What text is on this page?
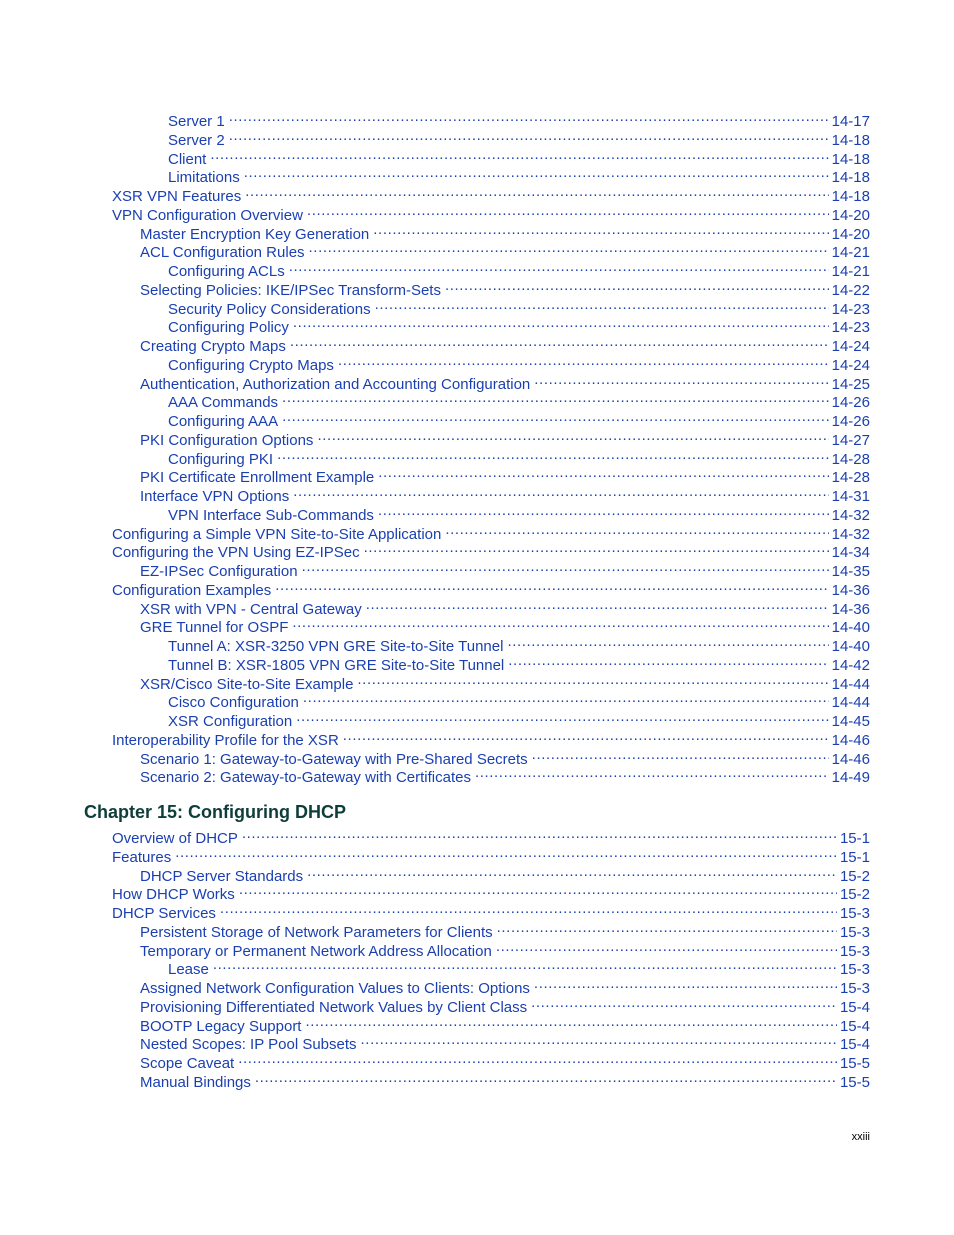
Server 1 .....	14-17
Server 2 .....	14-18
Client .....	14-18
Limitations .....	14-18
XSR VPN Features .....	14-18
VPN Configuration Overview .....	14-20
Master Encryption Key Generation .....	14-20
ACL Configuration Rules .....	14-21
Configuring ACLs .....	14-21
Selecting Policies: IKE/IPSec Transform-Sets .....	14-22
Security Policy Considerations .....	14-23
Configuring Policy .....	14-23
Creating Crypto Maps .....	14-24
Configuring Crypto Maps .....	14-24
Authentication, Authorization and Accounting Configuration .....	14-25
AAA Commands .....	14-26
Configuring AAA .....	14-26
PKI Configuration Options .....	14-27
Configuring PKI .....	14-28
PKI Certificate Enrollment Example .....	14-28
Interface VPN Options .....	14-31
VPN Interface Sub-Commands .....	14-32
Configuring a Simple VPN Site-to-Site Application .....	14-32
Configuring the VPN Using EZ-IPSec .....	14-34
EZ-IPSec Configuration .....	14-35
Configuration Examples .....	14-36
XSR with VPN - Central Gateway .....	14-36
GRE Tunnel for OSPF .....	14-40
Tunnel A: XSR-3250 VPN GRE Site-to-Site Tunnel .....	14-40
Tunnel B: XSR-1805 VPN GRE Site-to-Site Tunnel .....	14-42
XSR/Cisco Site-to-Site Example .....	14-44
Cisco Configuration .....	14-44
XSR Configuration .....	14-45
Interoperability Profile for the XSR .....	14-46
Scenario 1: Gateway-to-Gateway with Pre-Shared Secrets .....	14-46
Scenario 2: Gateway-to-Gateway with Certificates .....	14-49
Chapter 15: Configuring DHCP
Overview of DHCP .....	15-1
Features .....	15-1
DHCP Server Standards .....	15-2
How DHCP Works .....	15-2
DHCP Services .....	15-3
Persistent Storage of Network Parameters for Clients .....	15-3
Temporary or Permanent Network Address Allocation .....	15-3
Lease .....	15-3
Assigned Network Configuration Values to Clients: Options .....	15-3
Provisioning Differentiated Network Values by Client Class .....	15-4
BOOTP Legacy Support .....	15-4
Nested Scopes: IP Pool Subsets .....	15-4
Scope Caveat .....	15-5
Manual Bindings .....	15-5
xxiii
